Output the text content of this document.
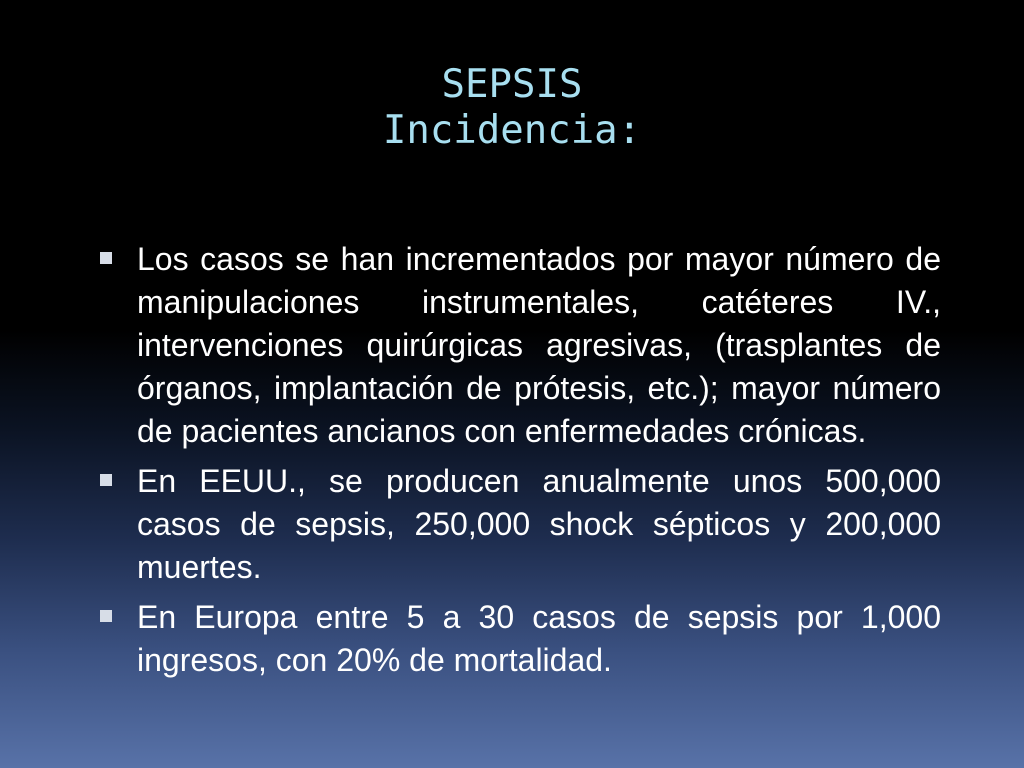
SEPSIS
Incidencia:
Los casos se han incrementados por mayor número de manipulaciones instrumentales, catéteres IV., intervenciones quirúrgicas agresivas, (trasplantes de órganos, implantación de prótesis, etc.); mayor número de pacientes ancianos con enfermedades crónicas.
En EEUU., se producen anualmente unos 500,000 casos de sepsis, 250,000 shock sépticos y 200,000 muertes.
En Europa entre 5 a 30 casos de sepsis por 1,000 ingresos, con 20% de mortalidad.
